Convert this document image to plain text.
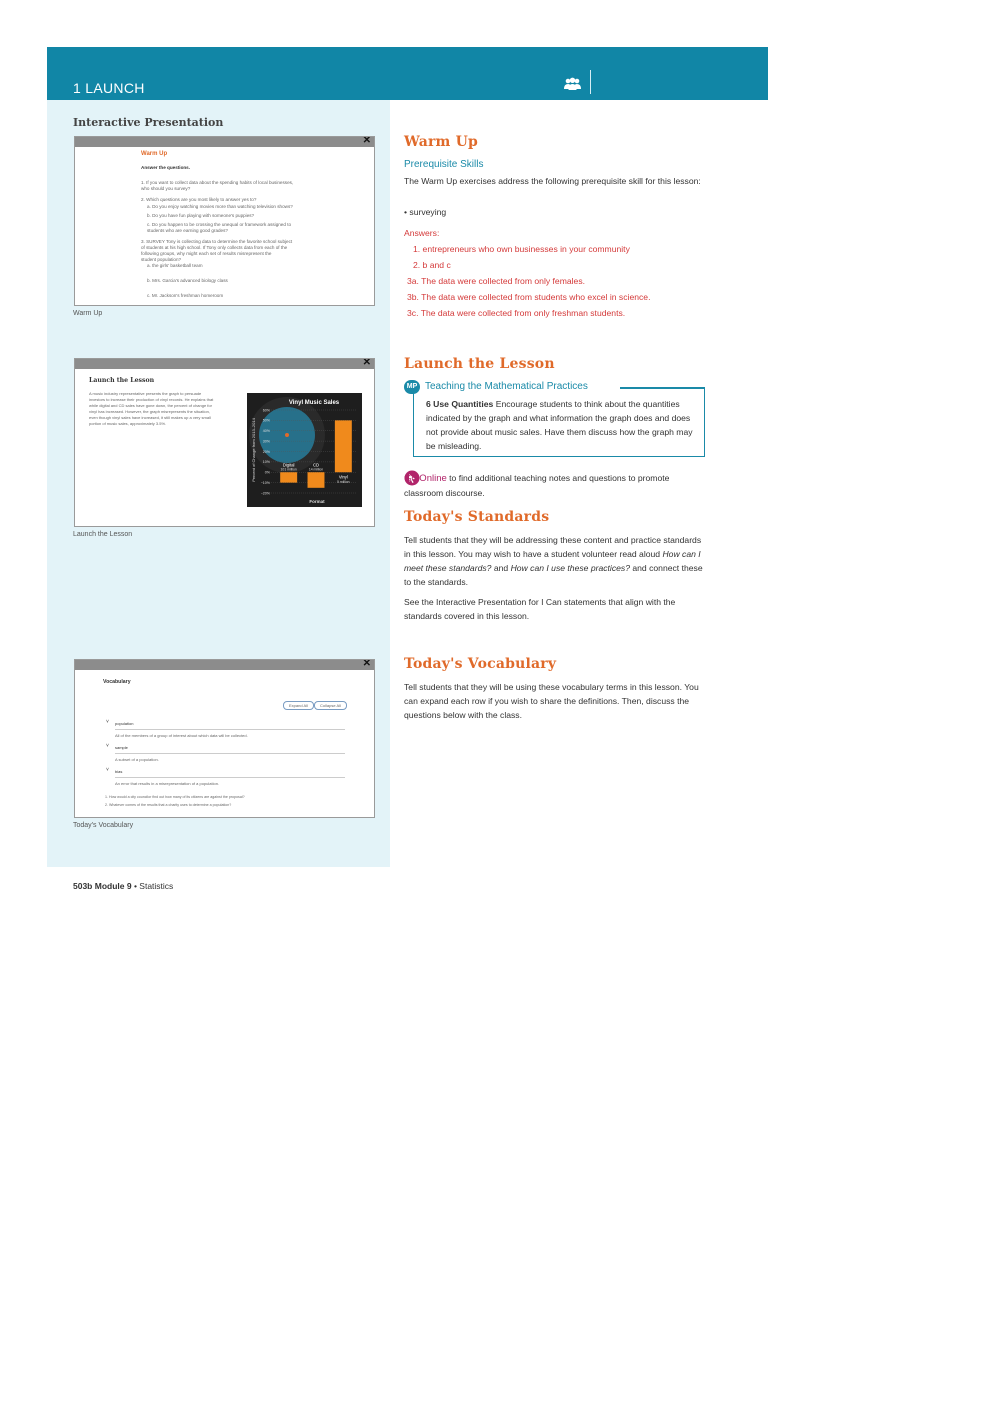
1 LAUNCH
Interactive Presentation
✕
Warm Up
Answer the questions.
1. If you want to collect data about the spending habits of local businesses,
who should you survey?
2. Which questions are you most likely to answer yes to?
a. Do you enjoy watching movies more than watching television shows?
b. Do you have fun playing with someone's puppies?
c. Do you happen to be crossing the unequal or framework assigned to
students who are earning good grades?
3. SURVEY Tony is collecting data to determine the favorite school subject
of students at his high school. If Tony only collects data from each of the
following groups, why might each set of results misrepresent the
student population?
a. the girls' basketball team
b. Mrs. Garcia's advanced biology class
c. Mr. Jackson's freshman homeroom
Warm Up
✕
Launch the Lesson
A music industry representative presents the graph to persuade
investors to increase their production of vinyl records. He explains that
while digital and CD sales have gone down, the percent of change for
vinyl has increased. However, the graph misrepresents the situation,
even though vinyl sales have increased, it still makes up a very small
portion of music sales, approximately 3.5%.
Vinyl Music Sales
Percent of Change from 2013–2014
Format
60%
50%
40%
30%
20%
10%
0%
−10%
−20%
Digital
101 million
CD
14 million
Vinyl
5 million
Launch the Lesson
✕
Vocabulary
Expand All	Collapse All
˅ population
All of the members of a group of interest about which data will be collected.
˅ sample
A subset of a population.
˅ bias
An error that results in a misrepresentation of a population.
1. How would a city councilor find out how many of its citizens are against the proposal?
2. Whatever comes of the results that a charity uses to determine a population?
Today's Vocabulary
Warm Up
Prerequisite Skills
The Warm Up exercises address the following prerequisite skill for this lesson:
• surveying
Answers:
1. entrepreneurs who own businesses in your community
2. b and c
3a. The data were collected from only females.
3b. The data were collected from students who excel in science.
3c. The data were collected from only freshman students.
Launch the Lesson
MP Teaching the Mathematical Practices
6 Use Quantities Encourage students to think about the quantities indicated by the graph and what information the graph does and does not provide about music sales. Have them discuss how the graph may be misleading.
Go Online to find additional teaching notes and questions to promote classroom discourse.
Today's Standards
Tell students that they will be addressing these content and practice standards in this lesson. You may wish to have a student volunteer read aloud How can I meet these standards? and How can I use these practices? and connect these to the standards.
See the Interactive Presentation for I Can statements that align with the standards covered in this lesson.
Today's Vocabulary
Tell students that they will be using these vocabulary terms in this lesson. You can expand each row if you wish to share the definitions. Then, discuss the questions below with the class.
503b Module 9 • Statistics
